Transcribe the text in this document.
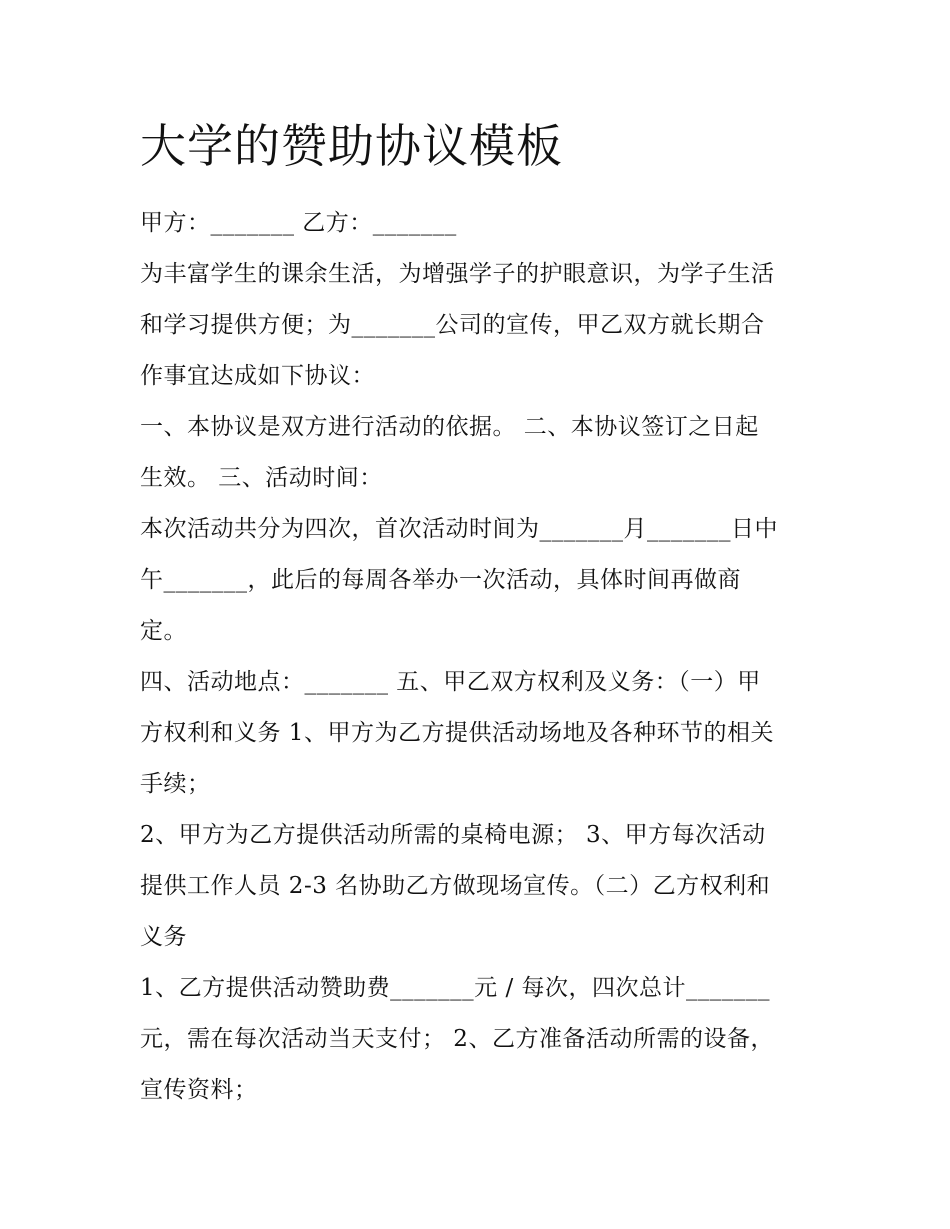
大学的赞助协议模板
甲方：_______ 乙方：_______
为丰富学生的课余生活，为增强学子的护眼意识，为学子生活
和学习提供方便；为_______公司的宣传，甲乙双方就长期合
作事宜达成如下协议：
一、本协议是双方进行活动的依据。 二、本协议签订之日起
生效。 三、活动时间：
本次活动共分为四次，首次活动时间为_______月_______日中
午_______，此后的每周各举办一次活动，具体时间再做商
定。
四、活动地点：_______ 五、甲乙双方权利及义务：（一）甲
方权利和义务 1、甲方为乙方提供活动场地及各种环节的相关
手续；
2、甲方为乙方提供活动所需的桌椅电源； 3、甲方每次活动
提供工作人员 2-3 名协助乙方做现场宣传。（二）乙方权利和
义务
1、乙方提供活动赞助费_______元 / 每次，四次总计_______
元，需在每次活动当天支付； 2、乙方准备活动所需的设备，
宣传资料；
